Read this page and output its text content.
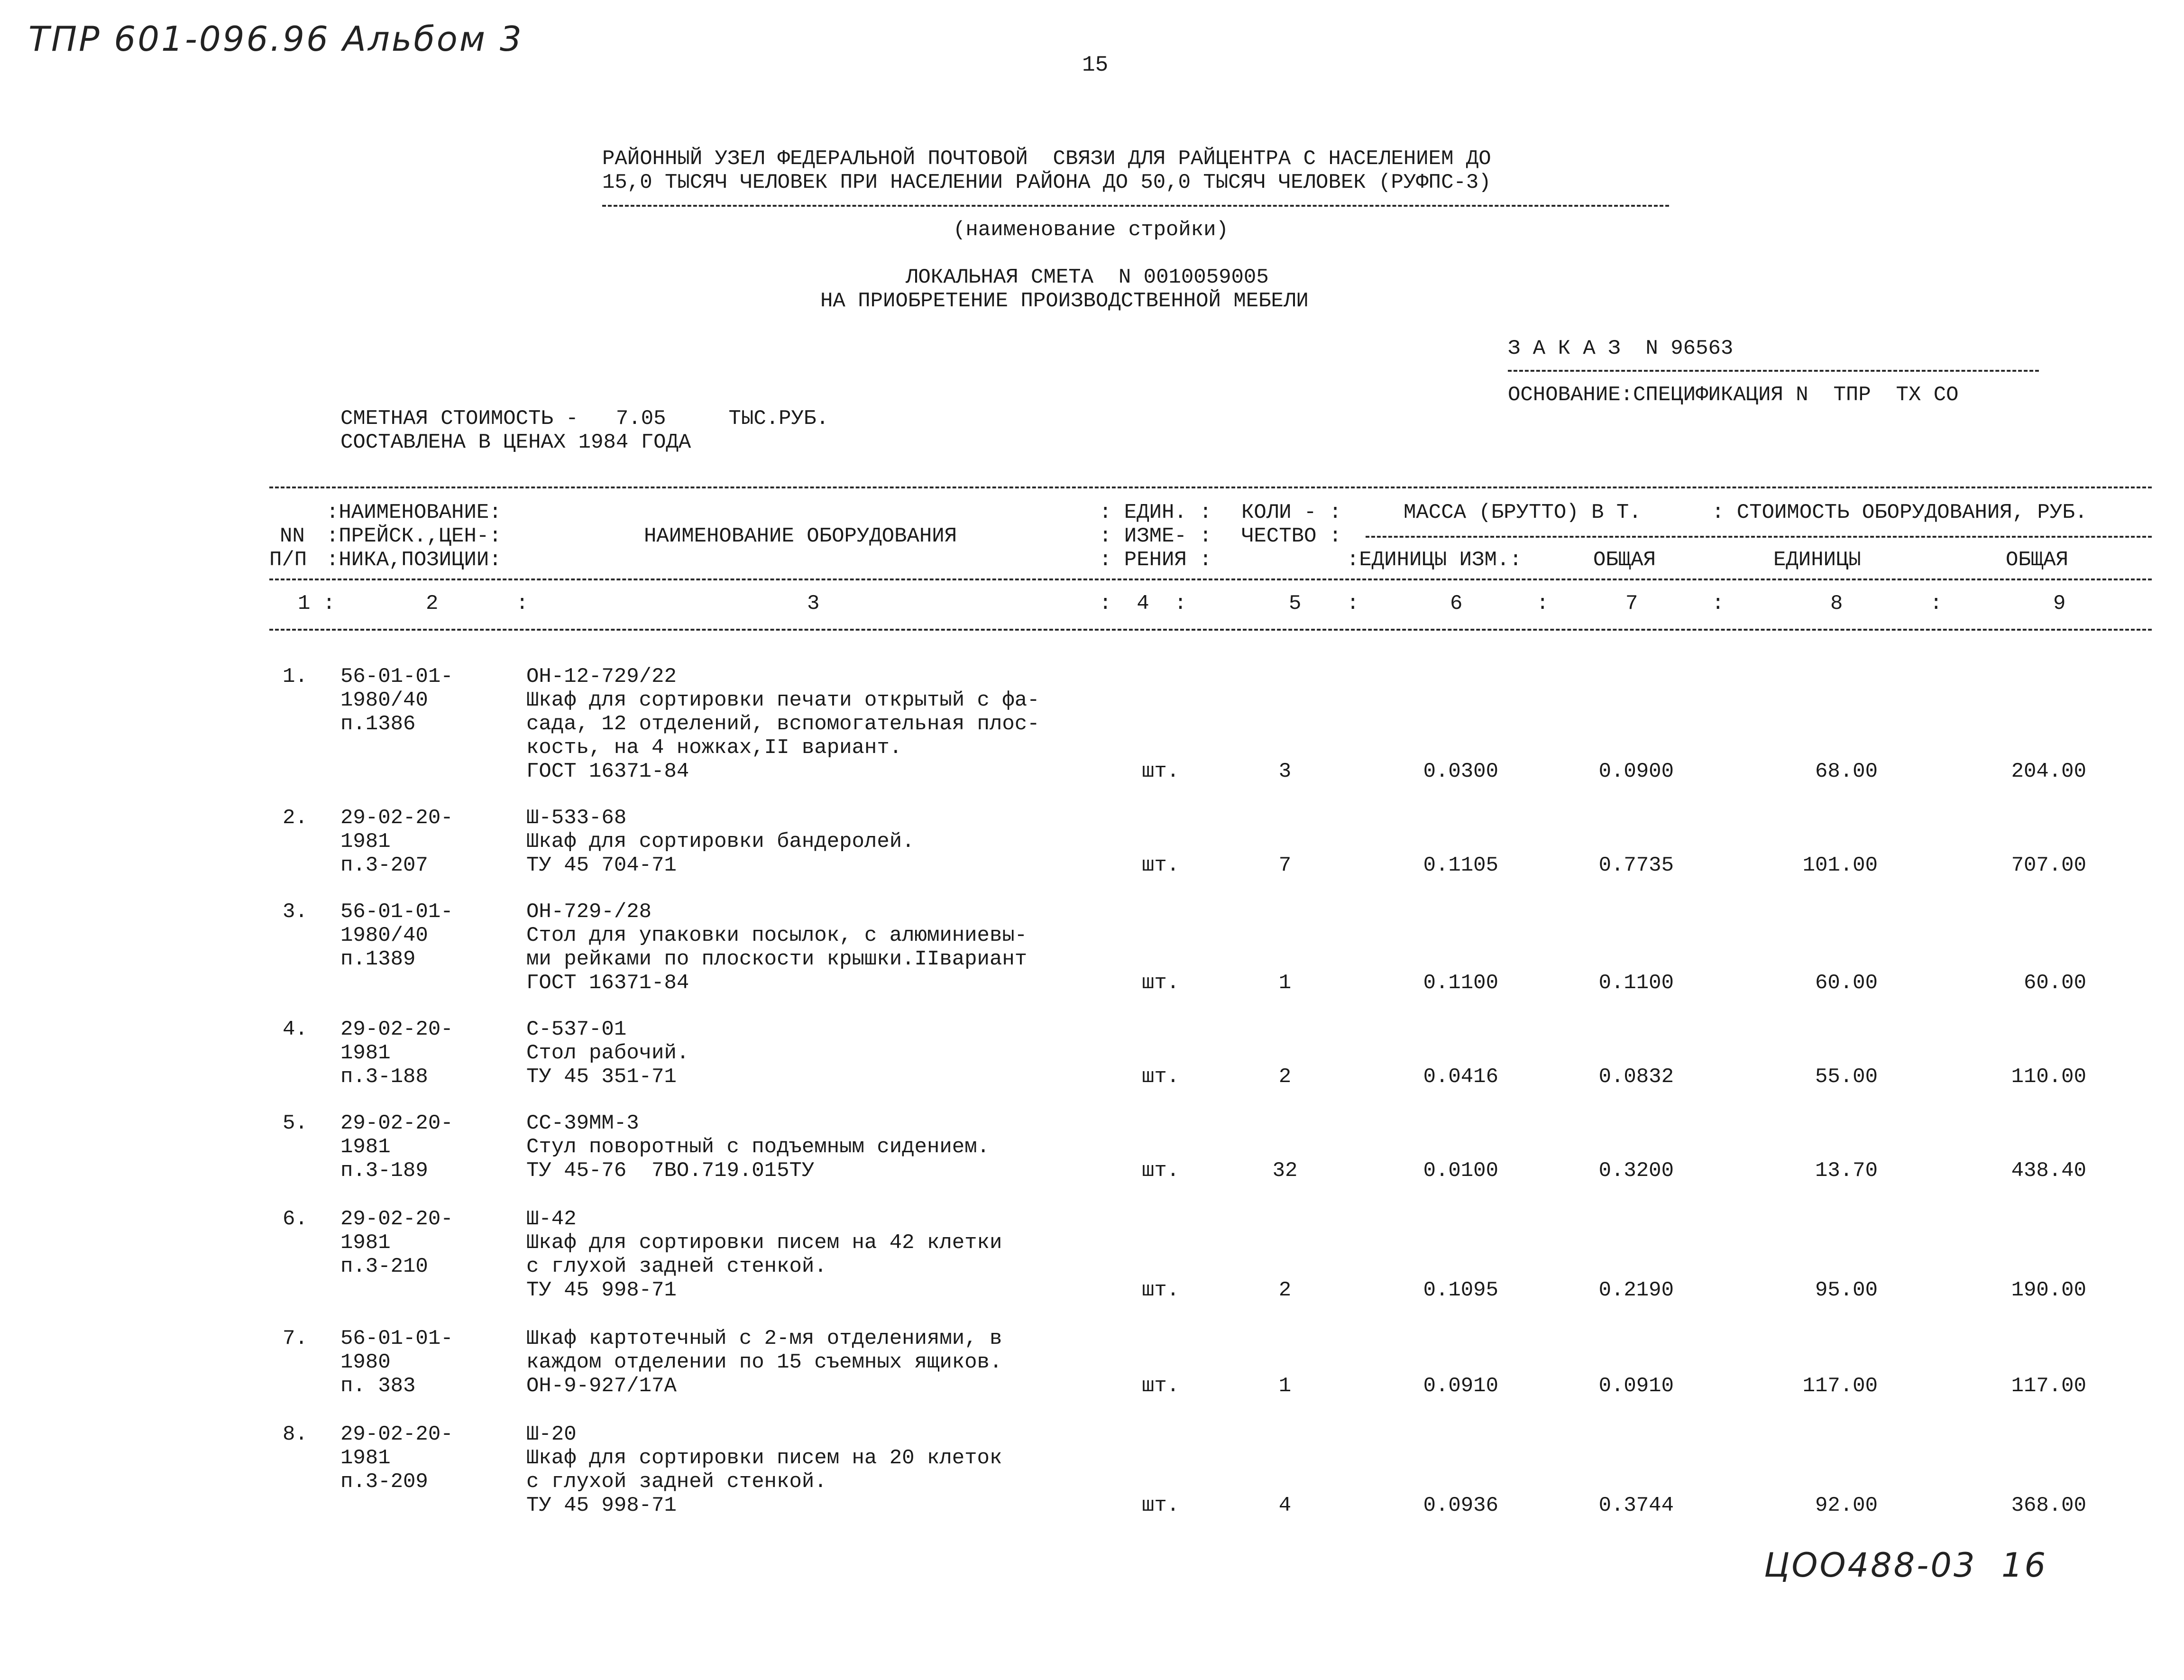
ТПР 601-096.96 Альбом 3
15
РАЙОННЫЙ УЗЕЛ ФЕДЕРАЛЬНОЙ ПОЧТОВОЙ  СВЯЗИ ДЛЯ РАЙЦЕНТРА С НАСЕЛЕНИЕМ ДО
15,0 ТЫСЯЧ ЧЕЛОВЕК ПРИ НАСЕЛЕНИИ РАЙОНА ДО 50,0 ТЫСЯЧ ЧЕЛОВЕК (РУФПС-3)
(наименование стройки)
ЛОКАЛЬНАЯ СМЕТА  N 0010059005
НА ПРИОБРЕТЕНИЕ ПРОИЗВОДСТВЕННОЙ МЕБЕЛИ
З А К А З  N 96563
ОСНОВАНИЕ:СПЕЦИФИКАЦИЯ N  ТПР  ТХ СО
СМЕТНАЯ СТОИМОСТЬ -   7.05     ТЫС.РУБ.
СОСТАВЛЕНА В ЦЕНАХ 1984 ГОДА
:НАИМЕНОВАНИЕ:	: ЕДИН. : КОЛИ - :	МАССА (БРУТТО) В Т.	: СТОИМОСТЬ ОБОРУДОВАНИЯ, РУБ.
NN :ПРЕЙСК.,ЦЕН-:	НАИМЕНОВАНИЕ ОБОРУДОВАНИЯ	: ИЗМЕ- : ЧЕСТВО :
П/П :НИКА,ПОЗИЦИИ:	: РЕНИЯ :	:ЕДИНИЦЫ ИЗМ.:	ОБЩАЯ	ЕДИНИЦЫ	ОБЩАЯ
1 :	2	:	3	:  4  :	5 :	6	:	7	:	8	:	9
1. 56-01-01-
1980/40
п.1386
ОН-12-729/22
Шкаф для сортировки печати открытый с фа-
сада, 12 отделений, вспомогательная плос-
кость, на 4 ножках,II вариант.
ГОСТ 16371-84	шт.	3	0.0300	0.0900	68.00	204.00
2. 29-02-20-
1981
п.3-207
Ш-533-68
Шкаф для сортировки бандеролей.
ТУ 45 704-71	шт.	7	0.1105	0.7735	101.00	707.00
3. 56-01-01-
1980/40
п.1389
ОН-729-/28
Стол для упаковки посылок, с алюминиевы-
ми рейками по плоскости крышки.IIвариант
ГОСТ 16371-84	шт.	1	0.1100	0.1100	60.00	60.00
4. 29-02-20-
1981
п.3-188
С-537-01
Стол рабочий.
ТУ 45 351-71	шт.	2	0.0416	0.0832	55.00	110.00
5. 29-02-20-
1981
п.3-189
СС-39ММ-3
Стул поворотный с подъемным сидением.
ТУ 45-76  7ВО.719.015ТУ	шт.	32	0.0100	0.3200	13.70	438.40
6. 29-02-20-
1981
п.3-210
Ш-42
Шкаф для сортировки писем на 42 клетки
с глухой задней стенкой.
ТУ 45 998-71	шт.	2	0.1095	0.2190	95.00	190.00
7. 56-01-01-
1980
п. 383
Шкаф картотечный с 2-мя отделениями, в
каждом отделении по 15 съемных ящиков.
ОН-9-927/17А	шт.	1	0.0910	0.0910	117.00	117.00
8. 29-02-20-
1981
п.3-209
Ш-20
Шкаф для сортировки писем на 20 клеток
с глухой задней стенкой.
ТУ 45 998-71	шт.	4	0.0936	0.3744	92.00	368.00
ЦОО488-03  16
